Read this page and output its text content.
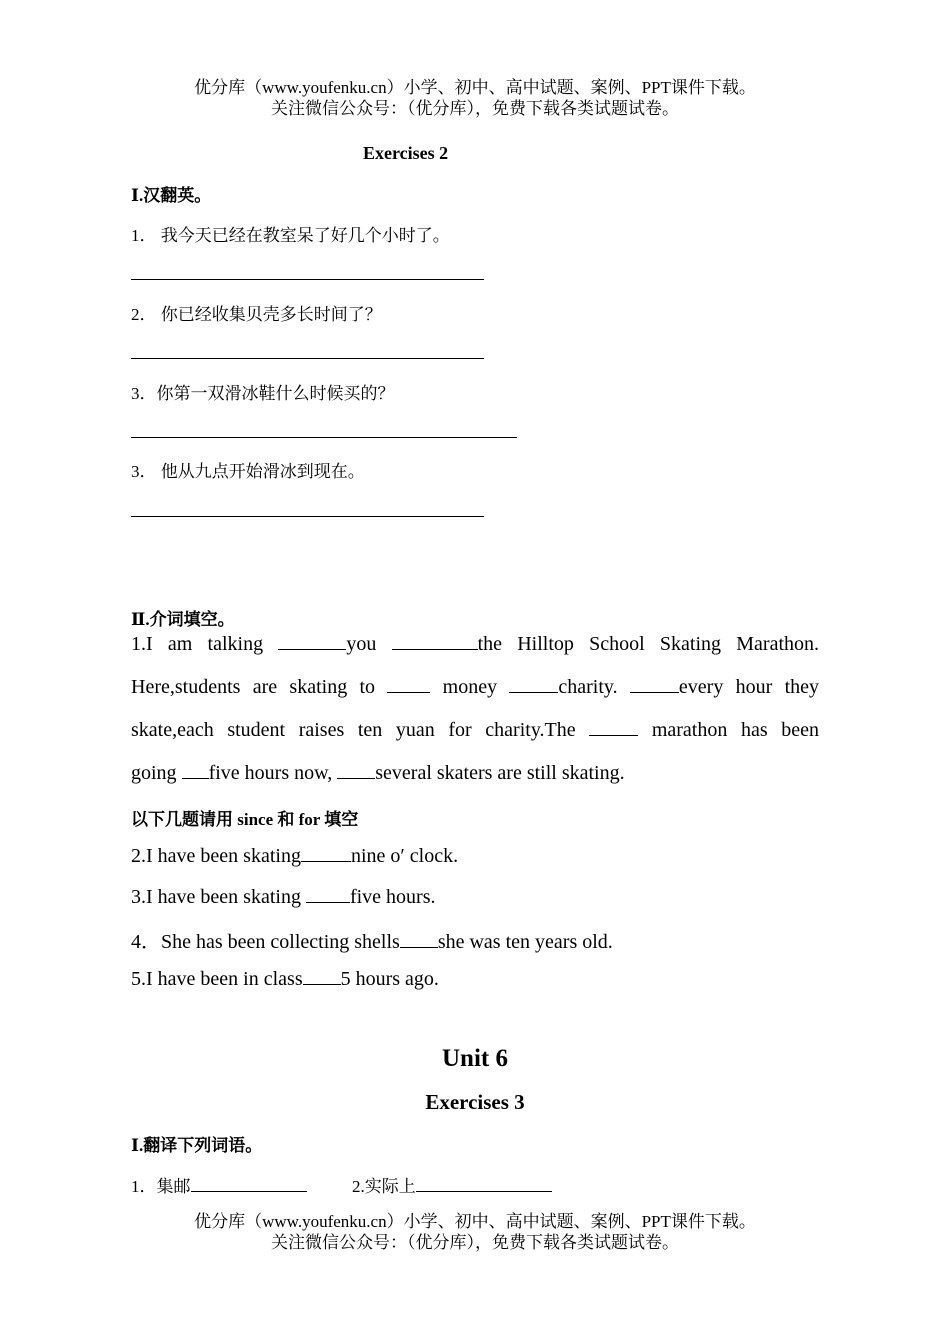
优分库（www.youfenku.cn）小学、初中、高中试题、案例、PPT课件下载。
关注微信公众号：（优分库），免费下载各类试题试卷。
Exercises 2
Ⅰ.汉翻英。
1． 我今天已经在教室呆了好几个小时了。
2． 你已经收集贝壳多长时间了？
3．你第一双滑冰鞋什么时候买的？
3． 他从九点开始滑冰到现在。
Ⅱ.介词填空。
1.I am talking	you	the Hilltop School Skating Marathon.
Here,students are skating to  money charity. every hour they
skate,each student raises ten yuan for charity.The  marathon has been
going five hours now, several skaters are still skating.
以下几题请用 since 和 for 填空
2.I have been skating	nine o′ clock.
3.I have been skating five hours.
4．She has been collecting shells she was ten years old.
5.I have been in class 5 hours ago.
Unit 6
Exercises 3
Ⅰ.翻译下列词语。
1．集邮	2.实际上
优分库（www.youfenku.cn）小学、初中、高中试题、案例、PPT课件下载。
关注微信公众号：（优分库），免费下载各类试题试卷。
